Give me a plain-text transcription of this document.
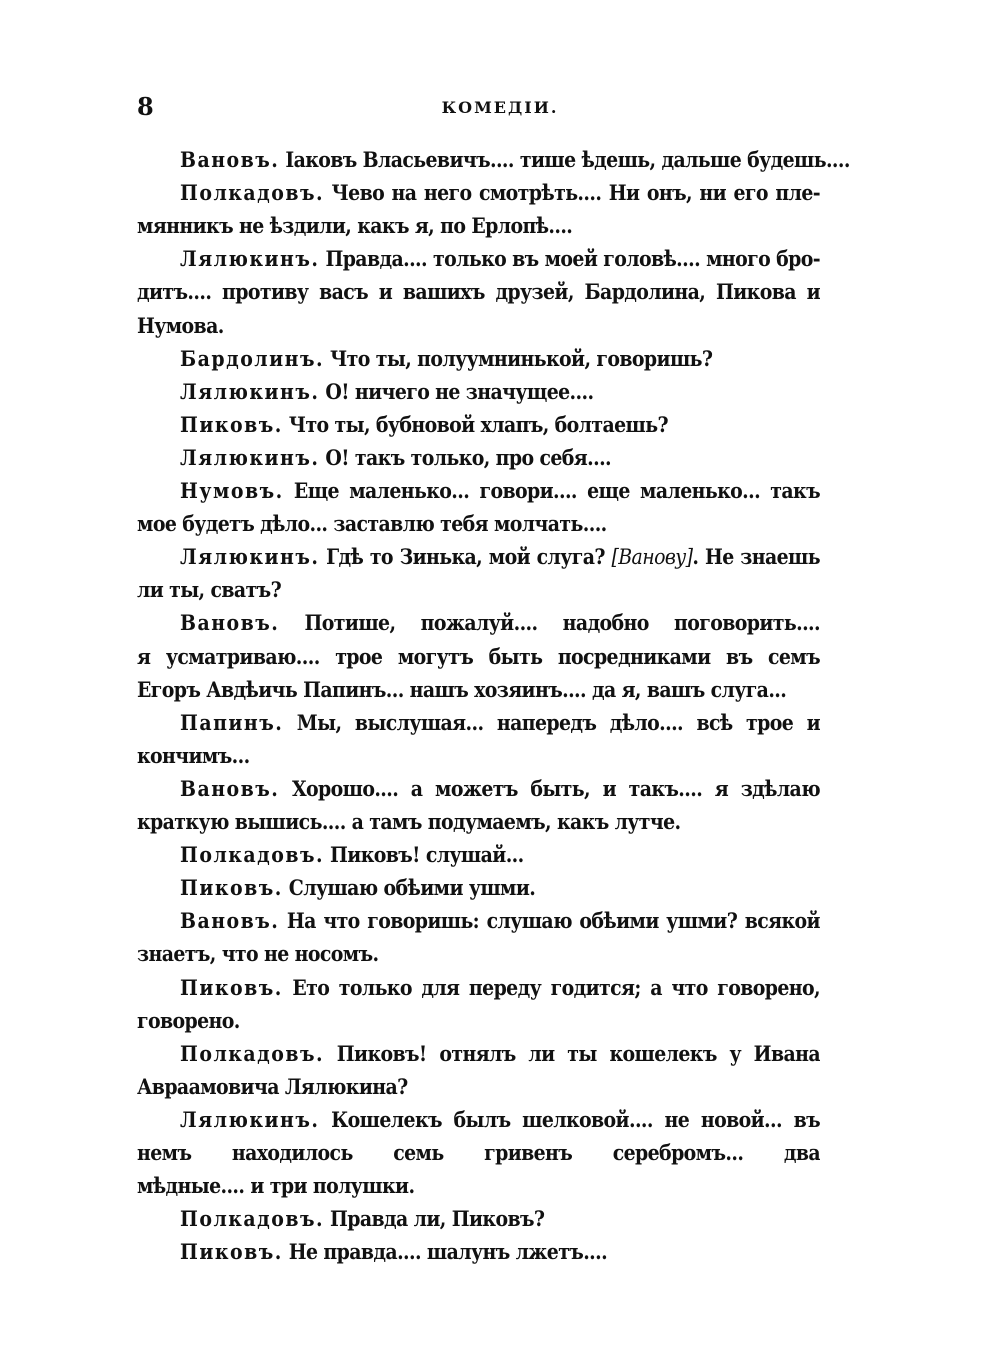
8	КОМЕДІИ.
Вановъ. Іаковъ Власьевичъ.... тише ѣдешь, дальше будешь....
Полкадовъ. Чево на него смотрѣть.... Ни онъ, ни его пле-
мянникъ не ѣздили, какъ я, по Ерлопѣ....
Лялюкинъ. Правда.... только въ моей головѣ.... много бро-
дитъ.... противу васъ и вашихъ друзей, Бардолина, Пикова и
Нумова.
Бардолинъ. Что ты, полуумнинькой, говоришь?
Лялюкинъ. О! ничего не значущее....
Пиковъ. Что ты, бубновой хлапъ, болтаешь?
Лялюкинъ. О! такъ только, про себя....
Нумовъ. Еще маленько... говори.... еще маленько... такъ
мое будетъ дѣло... заставлю тебя молчать....
Лялюкинъ. Гдѣ то Зинька, мой слуга? [Ванову]. Не знаешь
ли ты, сватъ?
Вановъ. Потише, пожалуй.... надобно поговорить....
я усматриваю.... трое могутъ быть посредниками въ семъ
Егоръ Авдѣичь Папинъ... нашъ хозяинъ.... да я, вашъ слуга...
Папинъ. Мы, выслушая... напередъ дѣло.... всѣ трое и
кончимъ...
Вановъ. Хорошо.... а можетъ быть, и такъ.... я здѣлаю
краткую вышись.... а тамъ подумаемъ, какъ лутче.
Полкадовъ. Пиковъ! слушай...
Пиковъ. Слушаю обѣими ушми.
Вановъ. На что говоришь: слушаю обѣими ушми? всякой
знаетъ, что не носомъ.
Пиковъ. Ето только для переду годится; а что говорено,
говорено.
Полкадовъ. Пиковъ! отнялъ ли ты кошелекъ у Ивана
Авраамовича Лялюкина?
Лялюкинъ. Кошелекъ былъ шелковой.... не новой... въ
немъ находилось семь гривенъ серебромъ... два
мѣдные.... и три полушки.
Полкадовъ. Правда ли, Пиковъ?
Пиковъ. Не правда.... шалунъ лжетъ....
